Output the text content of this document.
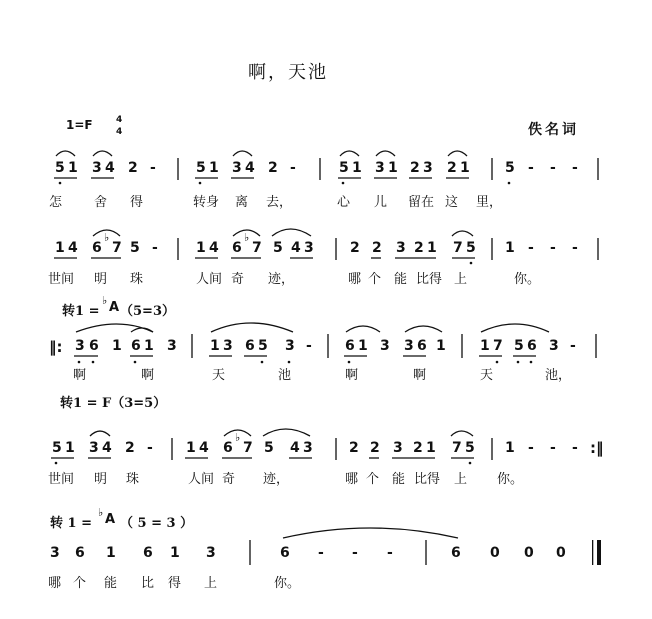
啊，天池
1=F	4
4	佚名词
5 1 3 4 2 -	5 1 3 4 2 -	5 1 3 1 2 3 2 1	5 - - -
怎 舍 得	转身 离 去，	心 儿 留在 这 里，
1 4 6
♭
7 5 -	1 4 6
♭
7 5 4 3	2 2 3 2 1 7 5 1 - - -
世间 明 珠	人间 奇 迹，	哪 个 能 比得 上	你。
转1 =
♭ A （5=3）
‖: 3 6 1 6 1 3 1 3 6 5 3 - 6 1 3 3 6 1 1 7 5 6 3 -
啊	啊	天	池	啊	啊	天	池，
转1 = F（3=5）
5 1 3 4 2 - 1 4 6
♭
7 5 4 3	2 2 3 2 1 7 5 1 - - - :‖
世间 明 珠	人间 奇 迹，	哪 个 能 比得 上 你。
转 1 =
♭ A （ 5 = 3 ）
3 6 1 6 1 3	6 - - -	6 0 0 0
哪 个 能 比 得 上	你。
